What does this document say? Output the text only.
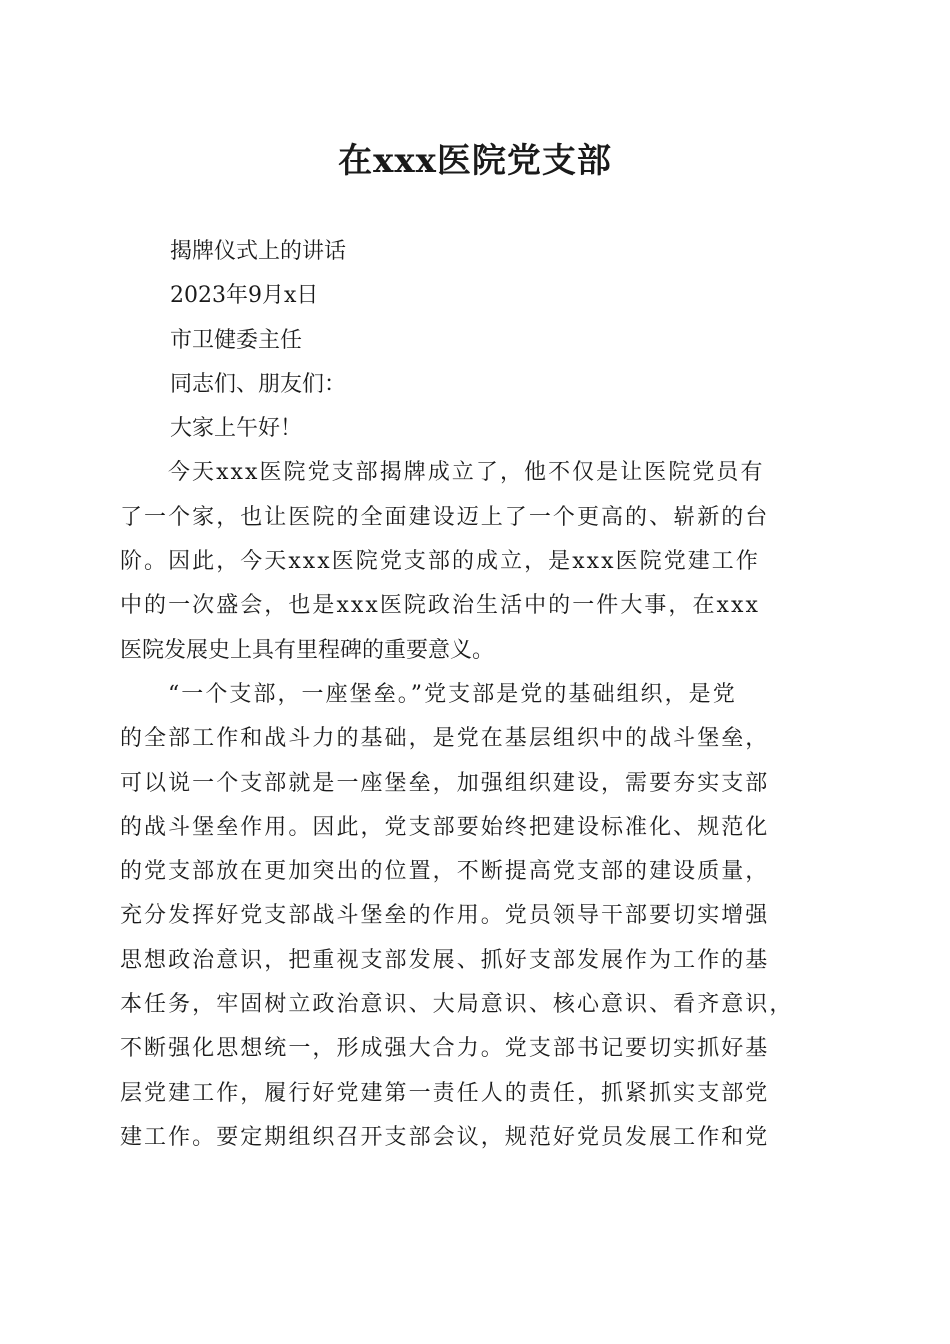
在xxx医院党支部
揭牌仪式上的讲话
2023年9月x日
市卫健委主任
同志们、朋友们：
大家上午好！
今天xxx医院党支部揭牌成立了，他不仅是让医院党员有
了一个家，也让医院的全面建设迈上了一个更高的、崭新的台
阶。因此，今天xxx医院党支部的成立，是xxx医院党建工作
中的一次盛会，也是xxx医院政治生活中的一件大事，在xxx
医院发展史上具有里程碑的重要意义。
“一个支部，一座堡垒。”党支部是党的基础组织，是党
的全部工作和战斗力的基础，是党在基层组织中的战斗堡垒，
可以说一个支部就是一座堡垒，加强组织建设，需要夯实支部
的战斗堡垒作用。因此，党支部要始终把建设标准化、规范化
的党支部放在更加突出的位置，不断提高党支部的建设质量，
充分发挥好党支部战斗堡垒的作用。党员领导干部要切实增强
思想政治意识，把重视支部发展、抓好支部发展作为工作的基
本任务，牢固树立政治意识、大局意识、核心意识、看齐意识，
不断强化思想统一，形成强大合力。党支部书记要切实抓好基
层党建工作，履行好党建第一责任人的责任，抓紧抓实支部党
建工作。要定期组织召开支部会议，规范好党员发展工作和党
